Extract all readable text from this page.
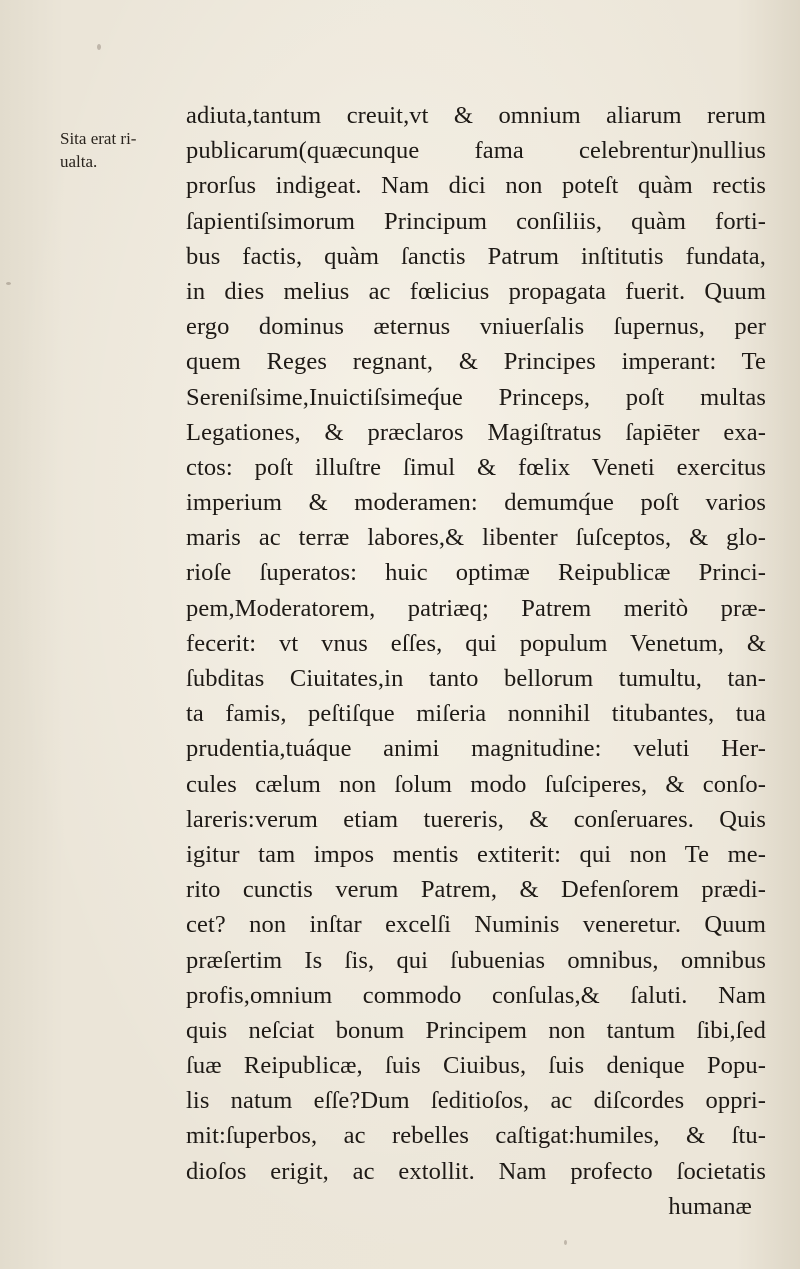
Sita erat ri-
ualta.
adiuta,tantum creuit,vt & omnium aliarum rerum
publicarum(quæcunque fama celebrentur)nullius
prorſus indigeat. Nam dici non poteſt quàm rectis
ſapientiſsimorum Principum conſiliis, quàm forti-
bus factis, quàm ſanctis Patrum inſtitutis fundata,
in dies melius ac fœlicius propagata fuerit. Quum
ergo dominus æternus vniuerſalis ſupernus, per
quem Reges regnant, & Principes imperant: Te
Sereniſsime,Inuictiſsimeq́ue Princeps, poſt multas
Legationes, & præclaros Magiſtratus ſapiēter exa-
ctos: poſt illuſtre ſimul & fœlix Veneti exercitus
imperium & moderamen: demumq́ue poſt varios
maris ac terræ labores,& libenter ſuſceptos, & glo-
rioſe ſuperatos: huic optimæ Reipublicæ Princi-
pem,Moderatorem, patriæq; Patrem meritò præ-
fecerit: vt vnus eſſes, qui populum Venetum, &
ſubditas Ciuitates,in tanto bellorum tumultu, tan-
ta famis, peſtiſque miſeria nonnihil titubantes, tua
prudentia,tuáque animi magnitudine: veluti Her-
cules cælum non ſolum modo ſuſciperes, & conſo-
lareris:verum etiam tuereris, & conſeruares. Quis
igitur tam impos mentis extiterit: qui non Te me-
rito cunctis verum Patrem, & Defenſorem prædi-
cet? non inſtar excelſi Numinis veneretur. Quum
præſertim Is ſis, qui ſubuenias omnibus, omnibus
profis,omnium commodo conſulas,& ſaluti. Nam
quis neſciat bonum Principem non tantum ſibi,ſed
ſuæ Reipublicæ, ſuis Ciuibus, ſuis denique Popu-
lis natum eſſe?Dum ſeditioſos, ac diſcordes oppri-
mit:ſuperbos, ac rebelles caſtigat:humiles, & ſtu-
dioſos erigit, ac extollit. Nam profecto ſocietatis
humanæ
